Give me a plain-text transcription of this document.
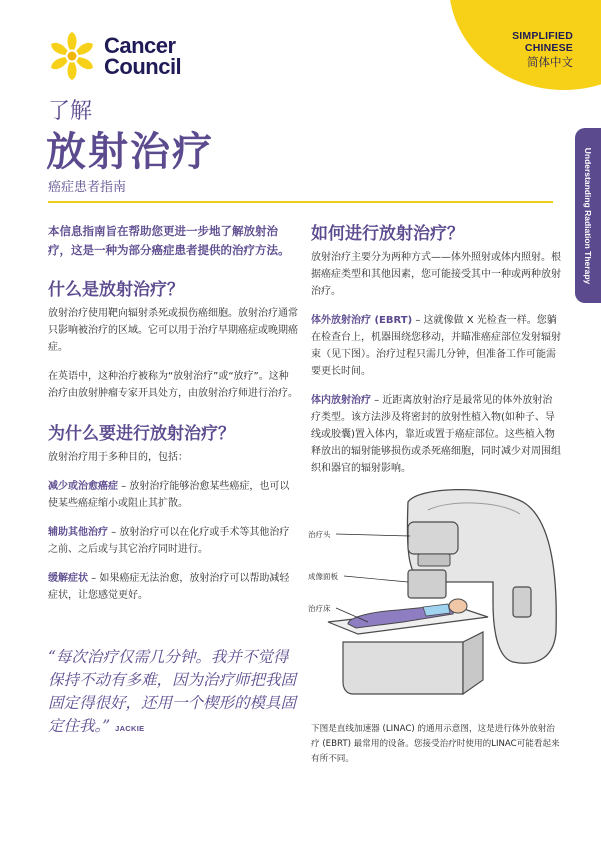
SIMPLIFIED
CHINESE
简体中文
Cancer
Council
Understanding Radiation Therapy
了解
放射治疗
癌症患者指南
本信息指南旨在帮助您更进一步地了解放射治疗，这是一种为部分癌症患者提供的治疗方法。
什么是放射治疗？

放射治疗使用靶向辐射杀死或损伤癌细胞。放射治疗通常只影响被治疗的区域。它可以用于治疗早期癌症或晚期癌症。

在英语中，这种治疗被称为“放射治疗”或“放疗”。这种治疗由放射肿瘤专家开具处方，由放射治疗师进行治疗。

为什么要进行放射治疗？

放射治疗用于多种目的，包括：

减少或治愈癌症 – 放射治疗能够治愈某些癌症，也可以使某些癌症缩小或阻止其扩散。

辅助其他治疗 – 放射治疗可以在化疗或手术等其他治疗之前、之后或与其它治疗同时进行。

缓解症状 – 如果癌症无法治愈，放射治疗可以帮助减轻症状，让您感觉更好。

“每次治疗仅需几分钟。我并不觉得保持不动有多难，因为治疗师把我固固定得很好，还用一个楔形的模具固定住我。” JACKIE
如何进行放射治疗？

放射治疗主要分为两种方式——体外照射或体内照射。根据癌症类型和其他因素，您可能接受其中一种或两种放射治疗。

体外放射治疗 (EBRT) – 这就像做 X 光检查一样。您躺在检查台上，机器围绕您移动，并瞄准癌症部位发射辐射束（见下图）。治疗过程只需几分钟，但准备工作可能需要更长时间。

体内放射治疗 – 近距离放射治疗是最常见的体外放射治疗类型。该方法涉及将密封的放射性植入物(如种子、导线或胶囊)置入体内，靠近或置于癌症部位。这些植入物释放出的辐射能够损伤或杀死癌细胞，同时减少对周围组织和器官的辐射影响。

治疗头
成像面板
治疗床
下图是直线加速器 (LINAC) 的通用示意图，这是进行体外放射治疗 (EBRT) 最常用的设备。您接受治疗时使用的LINAC可能看起来有所不同。
